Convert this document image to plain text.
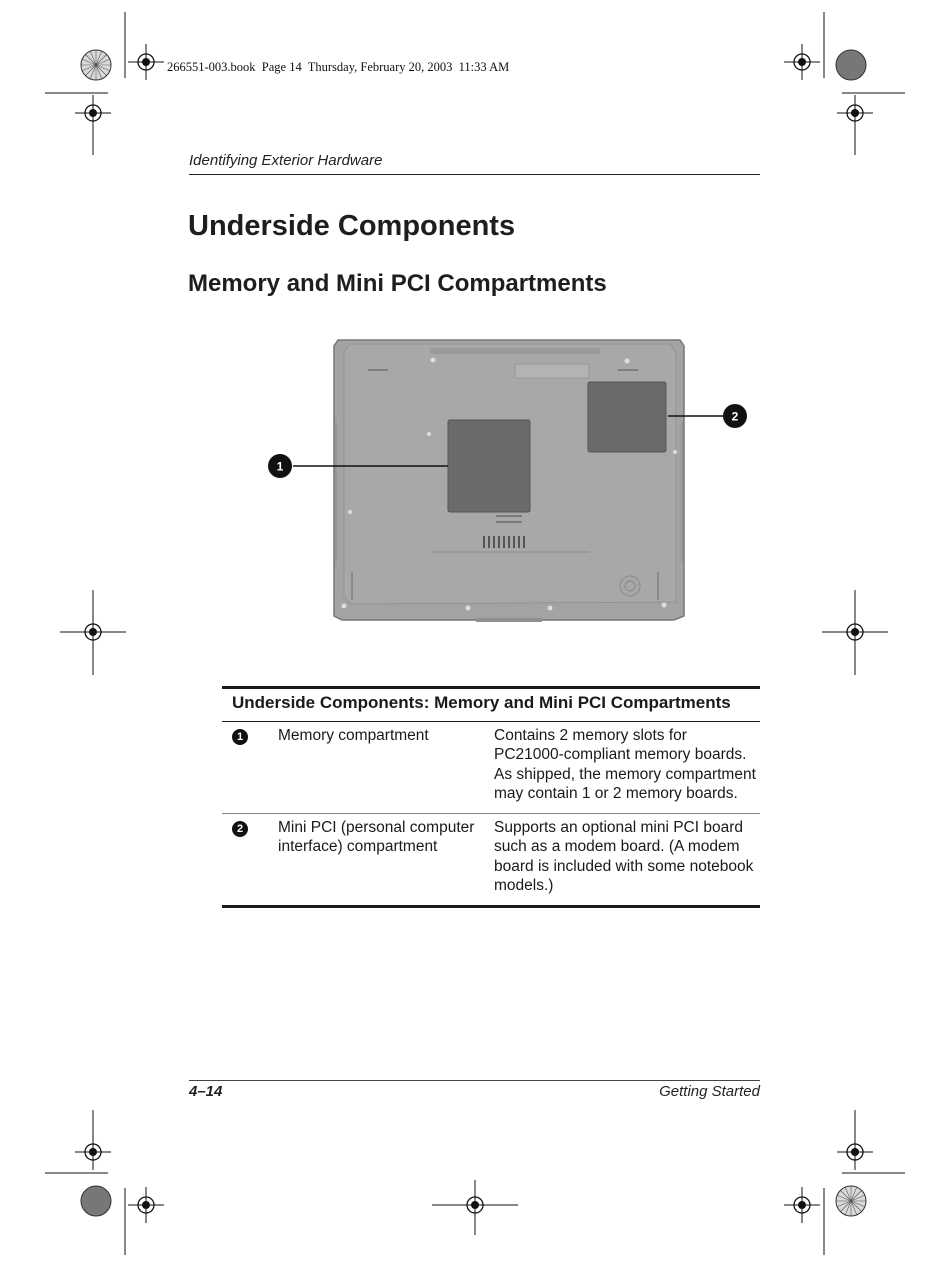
266551-003.book  Page 14  Thursday, February 20, 2003  11:33 AM
Identifying Exterior Hardware
Underside Components
Memory and Mini PCI Compartments
1
2
Underside Components: Memory and Mini PCI Compartments
1	Memory compartment	Contains 2 memory slots for PC21000-compliant memory boards. As shipped, the memory compartment may contain 1 or 2 memory boards.
2	Mini PCI (personal computer interface) compartment	Supports an optional mini PCI board such as a modem board. (A modem board is included with some notebook models.)
4–14	Getting Started
